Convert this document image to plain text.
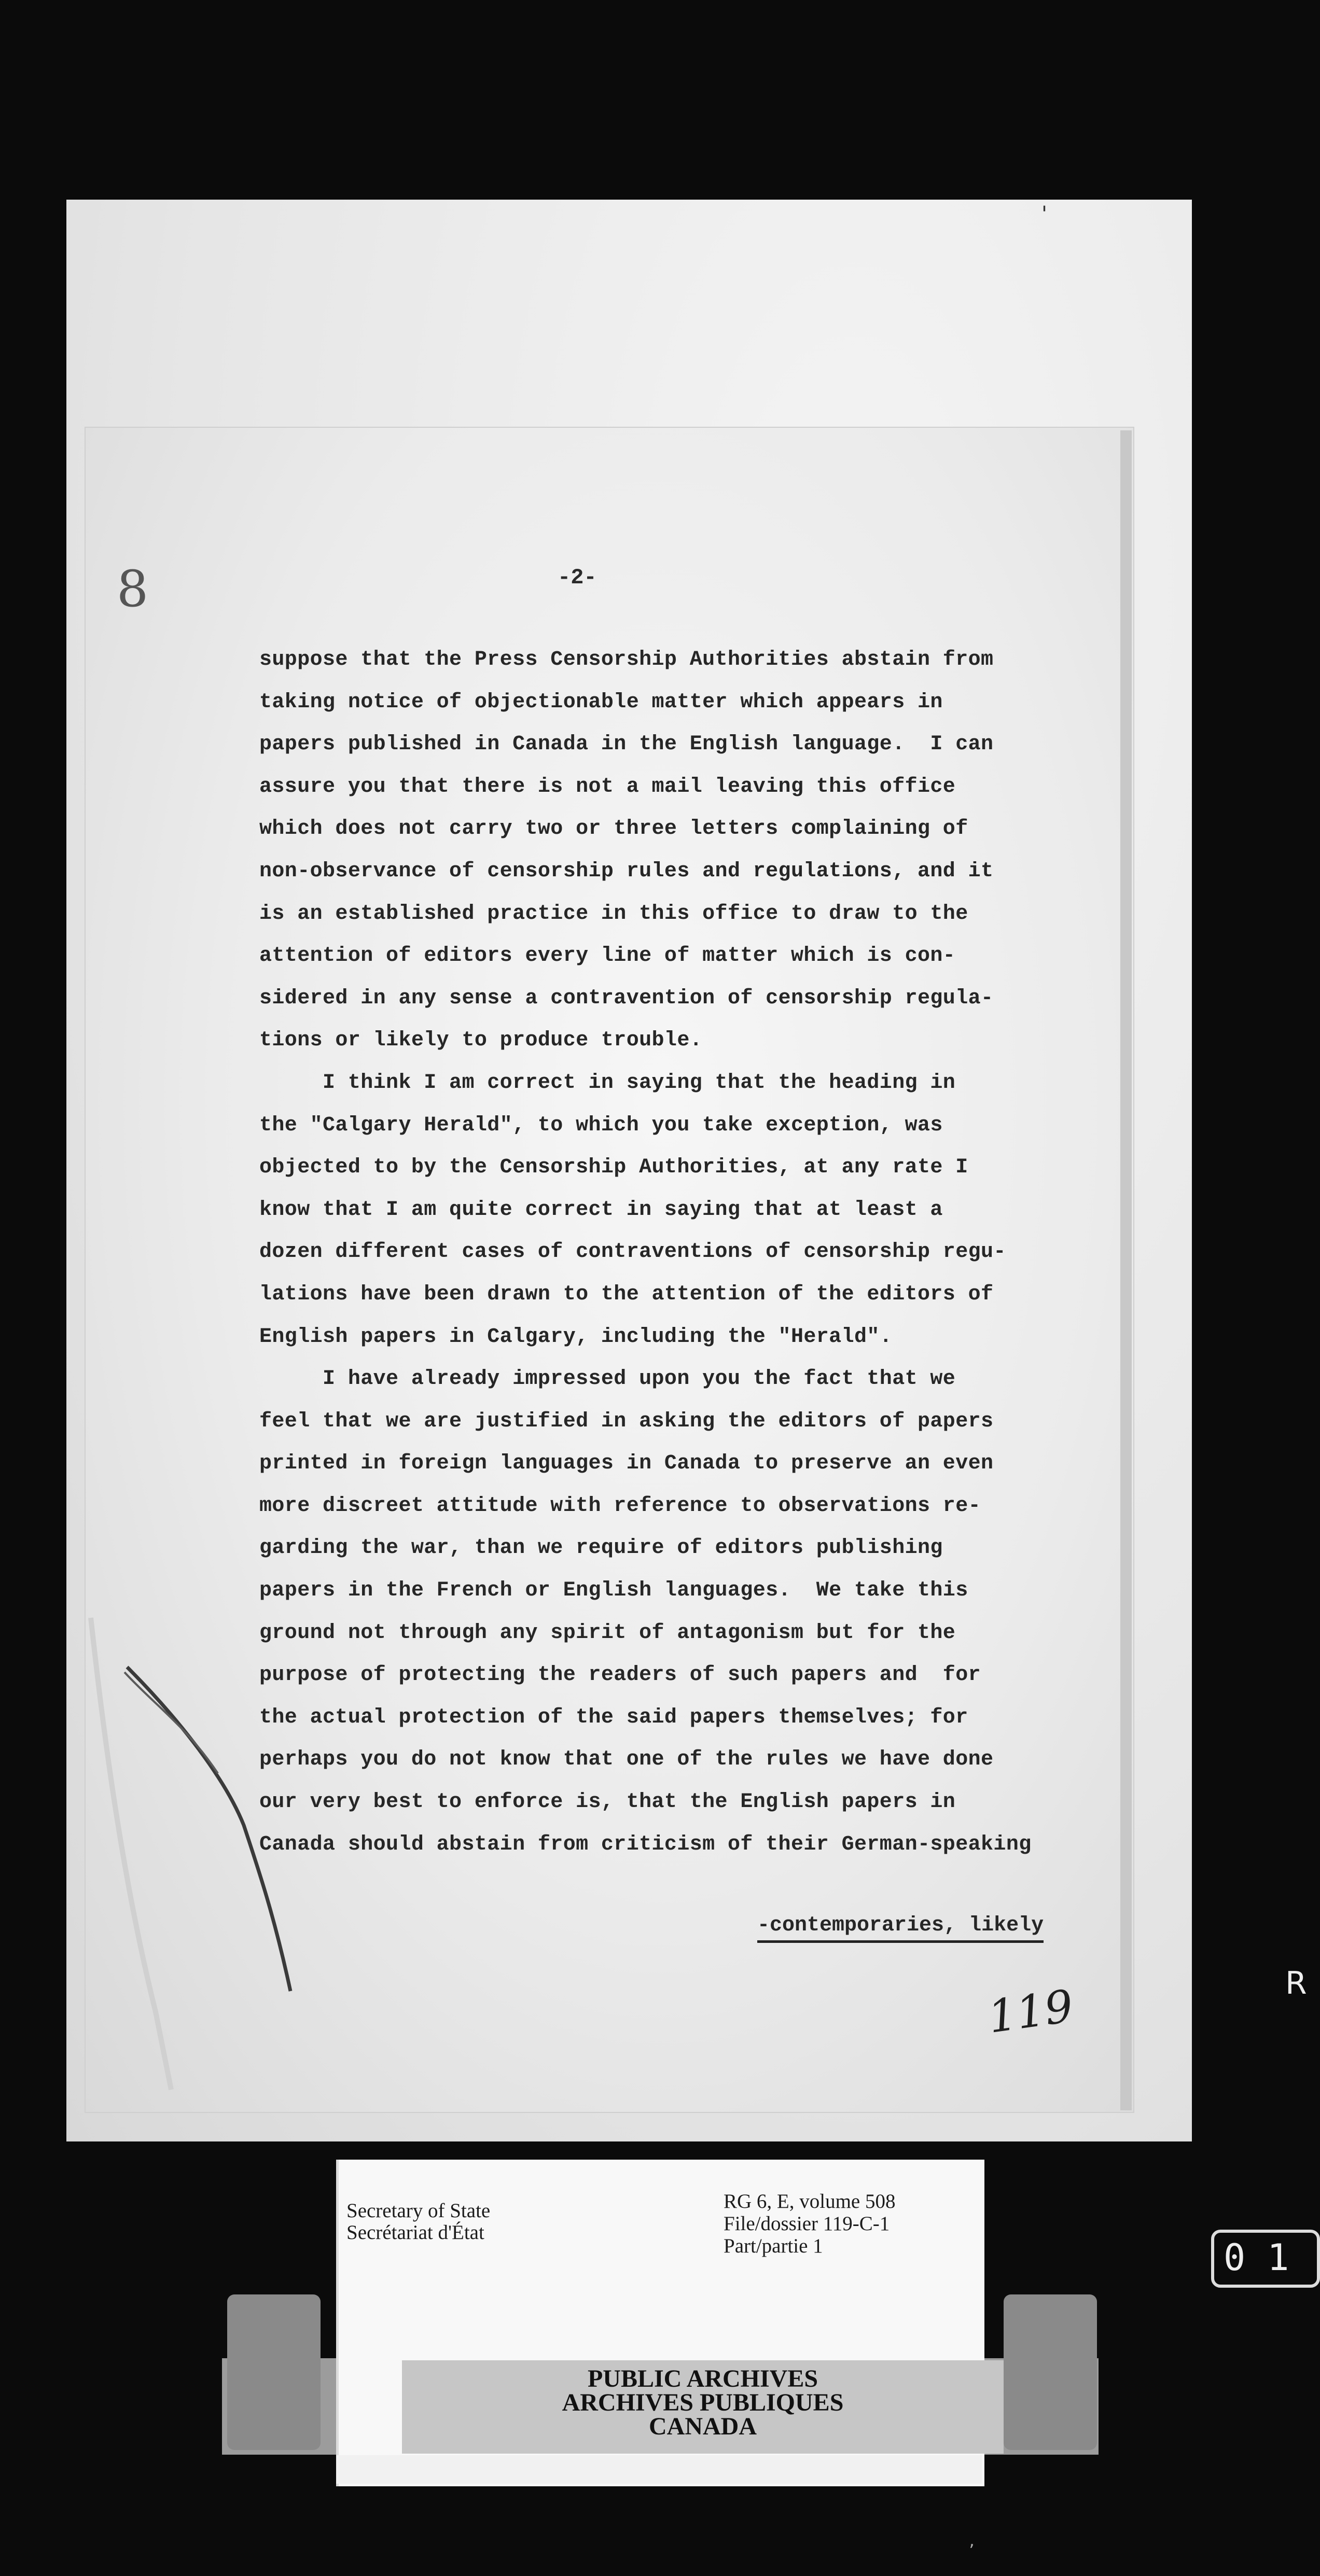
'
8	-2-
suppose that the Press Censorship Authorities abstain from
taking notice of objectionable matter which appears in
papers published in Canada in the English language.  I can
assure you that there is not a mail leaving this office
which does not carry two or three letters complaining of
non-observance of censorship rules and regulations, and it
is an established practice in this office to draw to the
attention of editors every line of matter which is con-
sidered in any sense a contravention of censorship regula-
tions or likely to produce trouble.
I think I am correct in saying that the heading in
the "Calgary Herald", to which you take exception, was
objected to by the Censorship Authorities, at any rate I
know that I am quite correct in saying that at least a
dozen different cases of contraventions of censorship regu-
lations have been drawn to the attention of the editors of
English papers in Calgary, including the "Herald".
I have already impressed upon you the fact that we
feel that we are justified in asking the editors of papers
printed in foreign languages in Canada to preserve an even
more discreet attitude with reference to observations re-
garding the war, than we require of editors publishing
papers in the French or English languages.  We take this
ground not through any spirit of antagonism but for the
purpose of protecting the readers of such papers and  for
the actual protection of the said papers themselves; for
perhaps you do not know that one of the rules we have done
our very best to enforce is, that the English papers in
Canada should abstain from criticism of their German-speaking
-contemporaries, likely
119
Secretary of State
Secrétariat d'État
RG 6, E, volume 508
File/dossier 119-C-1
Part/partie 1
PUBLIC ARCHIVES
ARCHIVES PUBLIQUES
CANADA
R
0 1
ʼ
